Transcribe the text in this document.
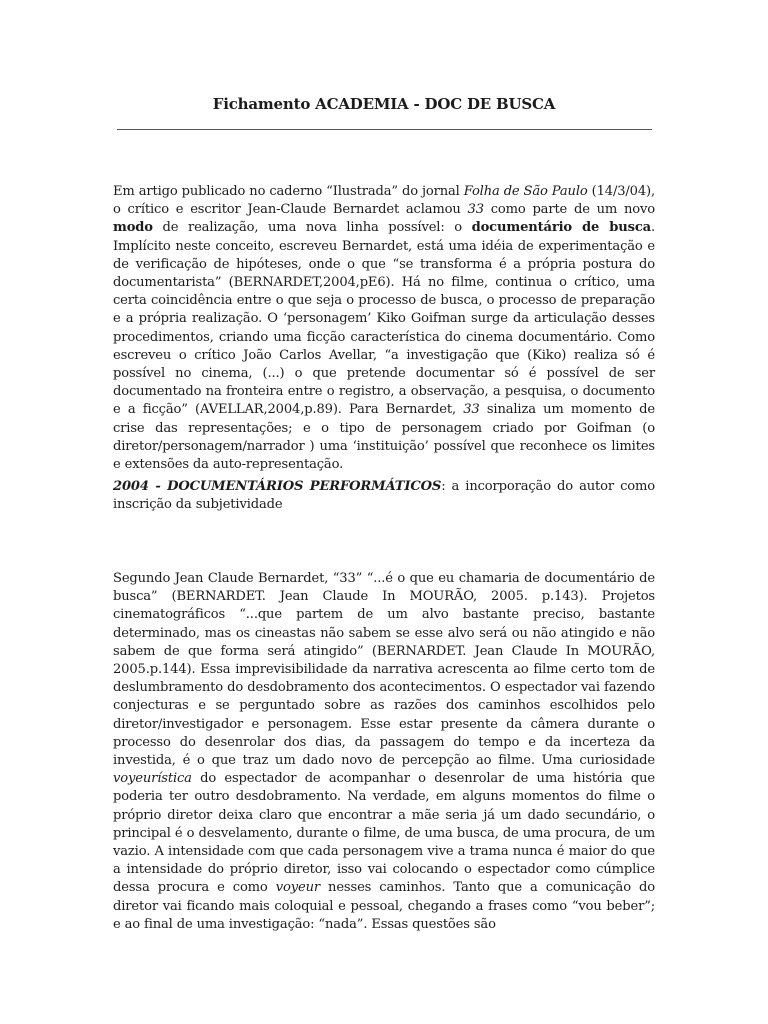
Fichamento ACADEMIA - DOC DE BUSCA
Em artigo publicado no caderno “Ilustrada” do jornal Folha de São Paulo (14/3/04), o crítico e escritor Jean-Claude Bernardet aclamou 33 como parte de um novo modo de realização, uma nova linha possível: o documentário de busca. Implícito neste conceito, escreveu Bernardet, está uma idéia de experimentação e de verificação de hipóteses, onde o que “se transforma é a própria postura do documentarista” (BERNARDET,2004,pE6). Há no filme, continua o crítico, uma certa coincidência entre o que seja o processo de busca, o processo de preparação e a própria realização. O ‘personagem’ Kiko Goifman surge da articulação desses procedimentos, criando uma ficção característica do cinema documentário. Como escreveu o crítico João Carlos Avellar, “a investigação que (Kiko) realiza só é possível no cinema, (...) o que pretende documentar só é possível de ser documentado na fronteira entre o registro, a observação, a pesquisa, o documento e a ficção” (AVELLAR,2004,p.89). Para Bernardet, 33 sinaliza um momento de crise das representações; e o tipo de personagem criado por Goifman (o diretor/personagem/narrador ) uma ‘instituição’ possível que reconhece os limites e extensões da auto-representação.
2004 - DOCUMENTÁRIOS PERFORMÁTICOS: a incorporação do autor como inscrição da subjetividade
Segundo Jean Claude Bernardet, “33” “...é o que eu chamaria de documentário de busca” (BERNARDET. Jean Claude In MOURÃO, 2005. p.143). Projetos cinematográficos “...que partem de um alvo bastante preciso, bastante determinado, mas os cineastas não sabem se esse alvo será ou não atingido e não sabem de que forma será atingido” (BERNARDET. Jean Claude In MOURÃO, 2005.p.144). Essa imprevisibilidade da narrativa acrescenta ao filme certo tom de deslumbramento do desdobramento dos acontecimentos. O espectador vai fazendo conjecturas e se perguntado sobre as razões dos caminhos escolhidos pelo diretor/investigador e personagem. Esse estar presente da câmera durante o processo do desenrolar dos dias, da passagem do tempo e da incerteza da investida, é o que traz um dado novo de percepção ao filme. Uma curiosidade voyeurística do espectador de acompanhar o desenrolar de uma história que poderia ter outro desdobramento. Na verdade, em alguns momentos do filme o próprio diretor deixa claro que encontrar a mãe seria já um dado secundário, o principal é o desvelamento, durante o filme, de uma busca, de uma procura, de um vazio. A intensidade com que cada personagem vive a trama nunca é maior do que a intensidade do próprio diretor, isso vai colocando o espectador como cúmplice dessa procura e como voyeur nesses caminhos. Tanto que a comunicação do diretor vai ficando mais coloquial e pessoal, chegando a frases como “vou beber”; e ao final de uma investigação: “nada”. Essas questões são
